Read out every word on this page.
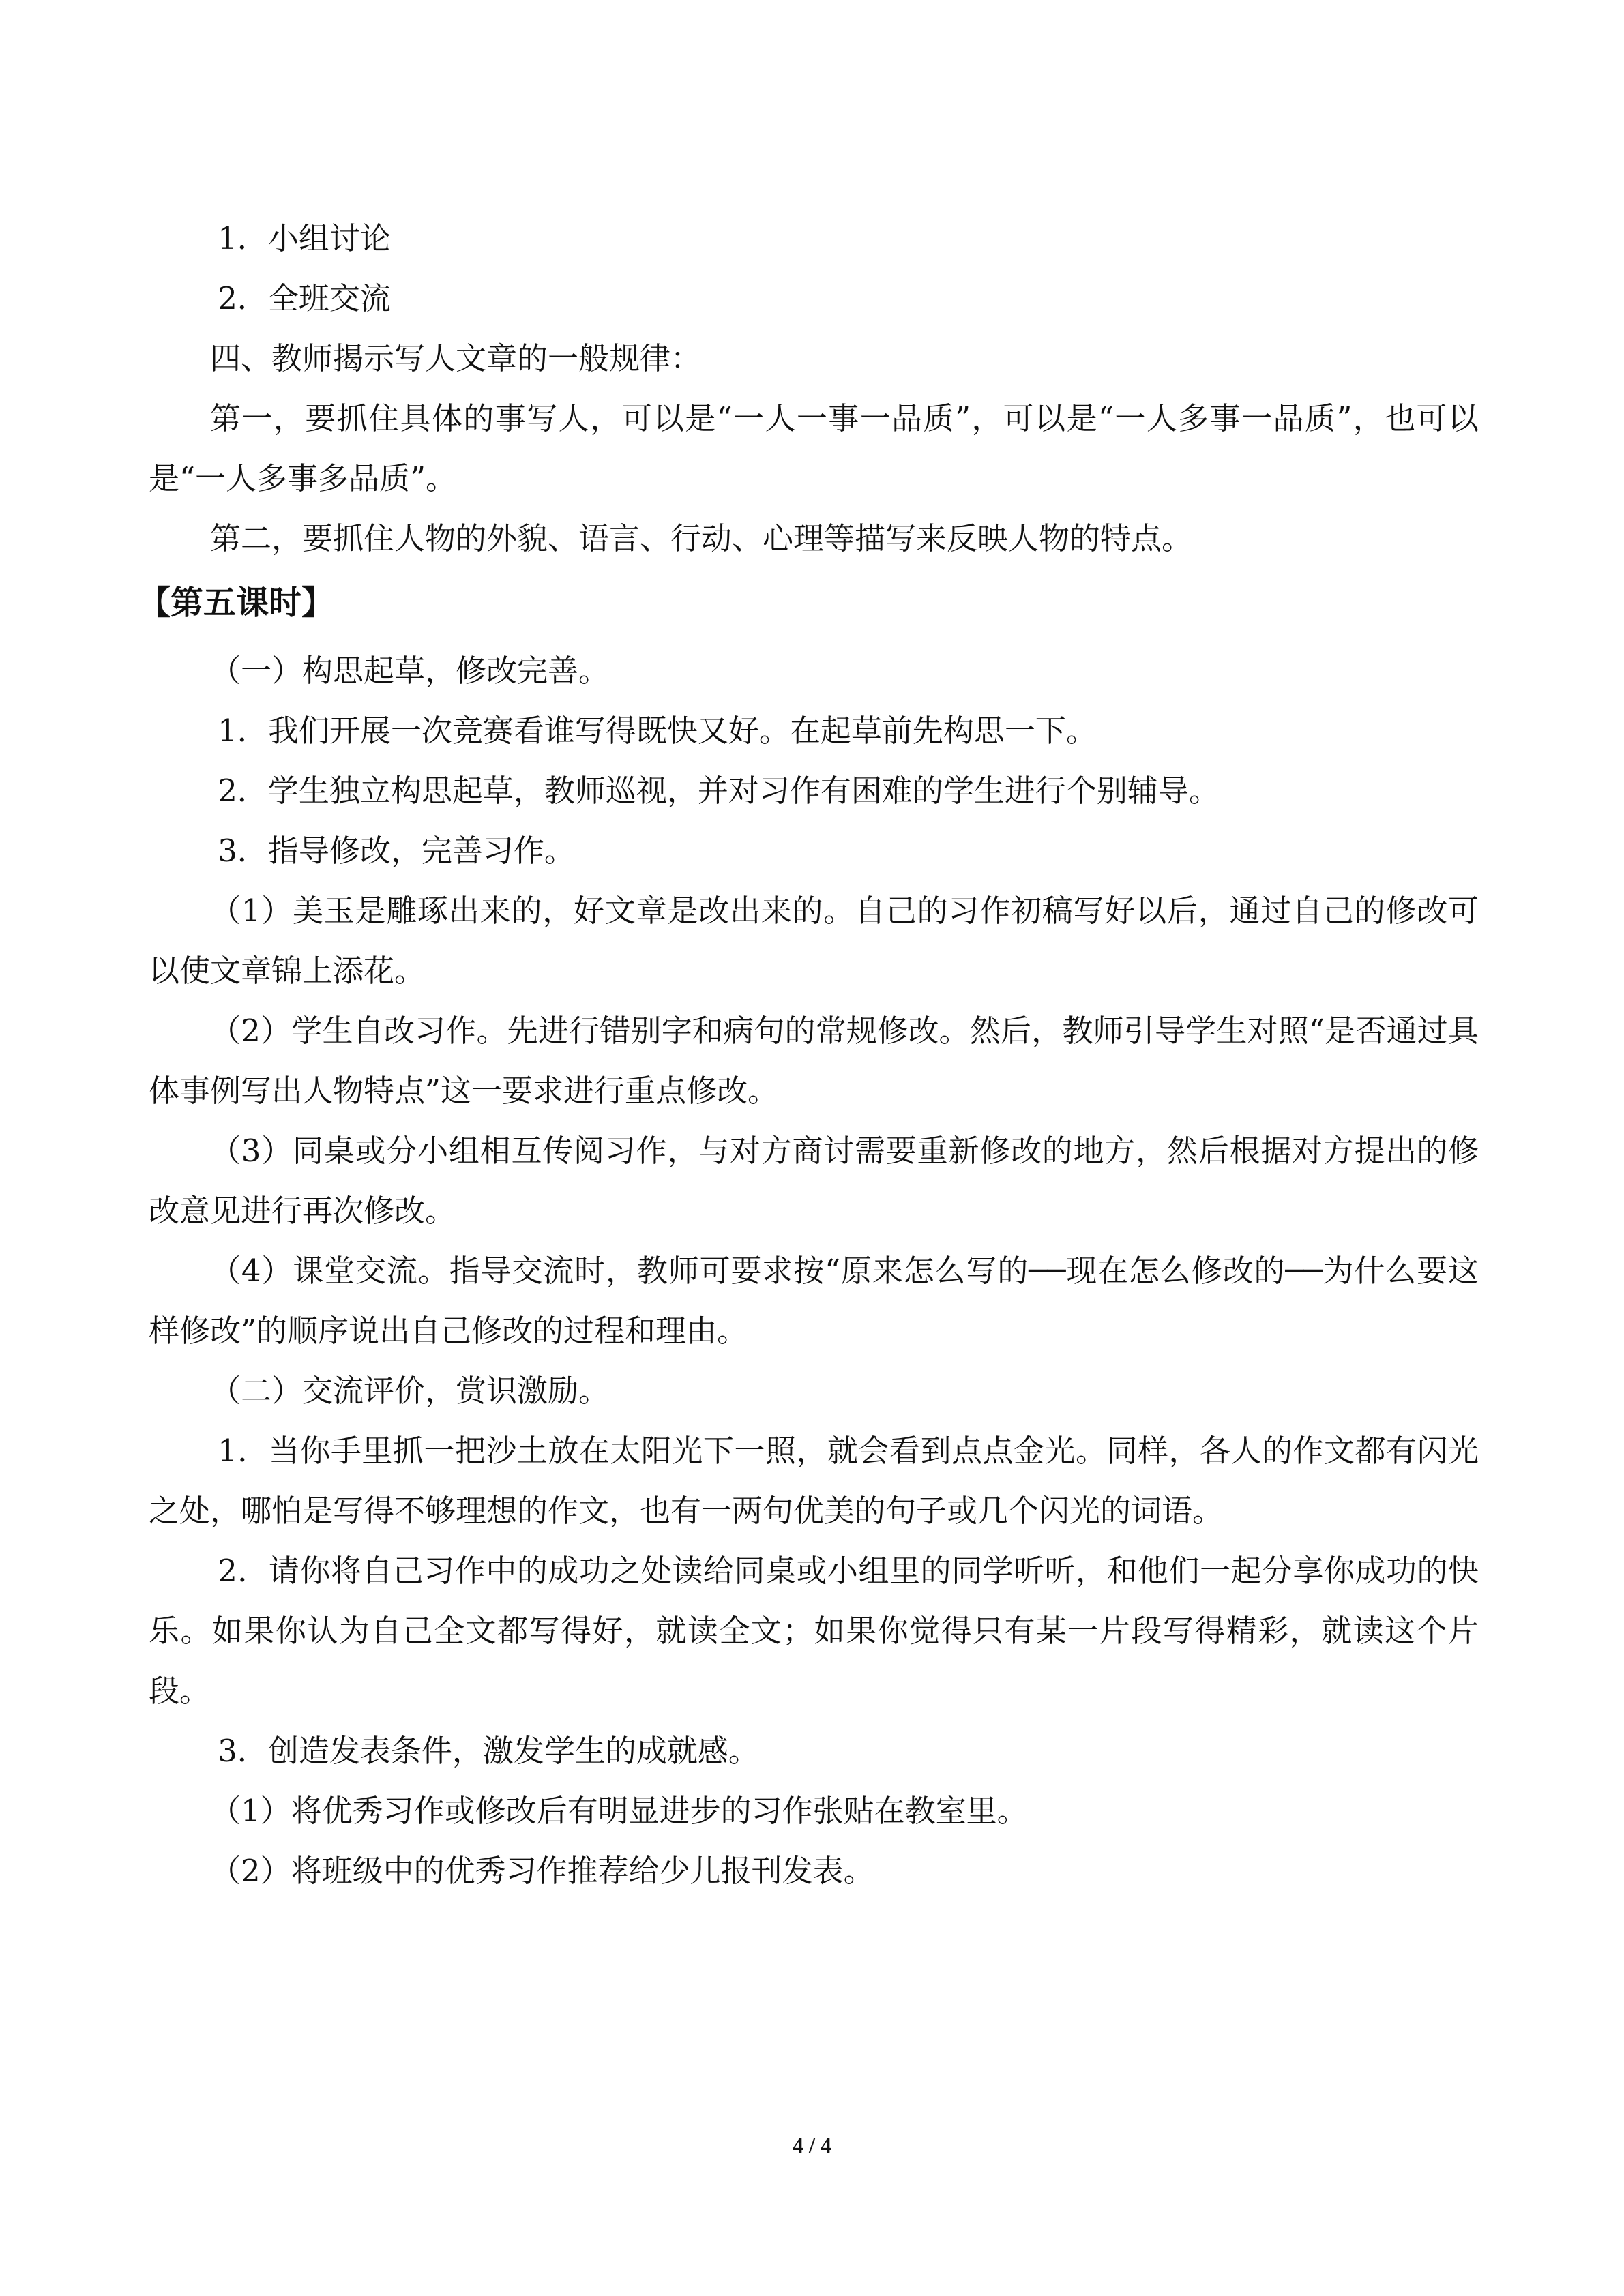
1．小组讨论

2．全班交流

四、教师揭示写人文章的一般规律：

第一，要抓住具体的事写人，可以是“一人一事一品质”，可以是“一人多事一品质”，也可以是“一人多事多品质”。

第二，要抓住人物的外貌、语言、行动、心理等描写来反映人物的特点。

【第五课时】

（一）构思起草，修改完善。

1．我们开展一次竞赛看谁写得既快又好。在起草前先构思一下。

2．学生独立构思起草，教师巡视，并对习作有困难的学生进行个别辅导。

3．指导修改，完善习作。

（1）美玉是雕琢出来的，好文章是改出来的。自己的习作初稿写好以后，通过自己的修改可以使文章锦上添花。

（2）学生自改习作。先进行错别字和病句的常规修改。然后，教师引导学生对照“是否通过具体事例写出人物特点”这一要求进行重点修改。

（3）同桌或分小组相互传阅习作，与对方商讨需要重新修改的地方，然后根据对方提出的修改意见进行再次修改。

（4）课堂交流。指导交流时，教师可要求按“原来怎么写的──现在怎么修改的──为什么要这样修改”的顺序说出自己修改的过程和理由。

（二）交流评价，赏识激励。

1．当你手里抓一把沙土放在太阳光下一照，就会看到点点金光。同样，各人的作文都有闪光之处，哪怕是写得不够理想的作文，也有一两句优美的句子或几个闪光的词语。

2．请你将自己习作中的成功之处读给同桌或小组里的同学听听，和他们一起分享你成功的快乐。如果你认为自己全文都写得好，就读全文；如果你觉得只有某一片段写得精彩，就读这个片段。

3．创造发表条件，激发学生的成就感。

（1）将优秀习作或修改后有明显进步的习作张贴在教室里。

（2）将班级中的优秀习作推荐给少儿报刊发表。

4 / 4
